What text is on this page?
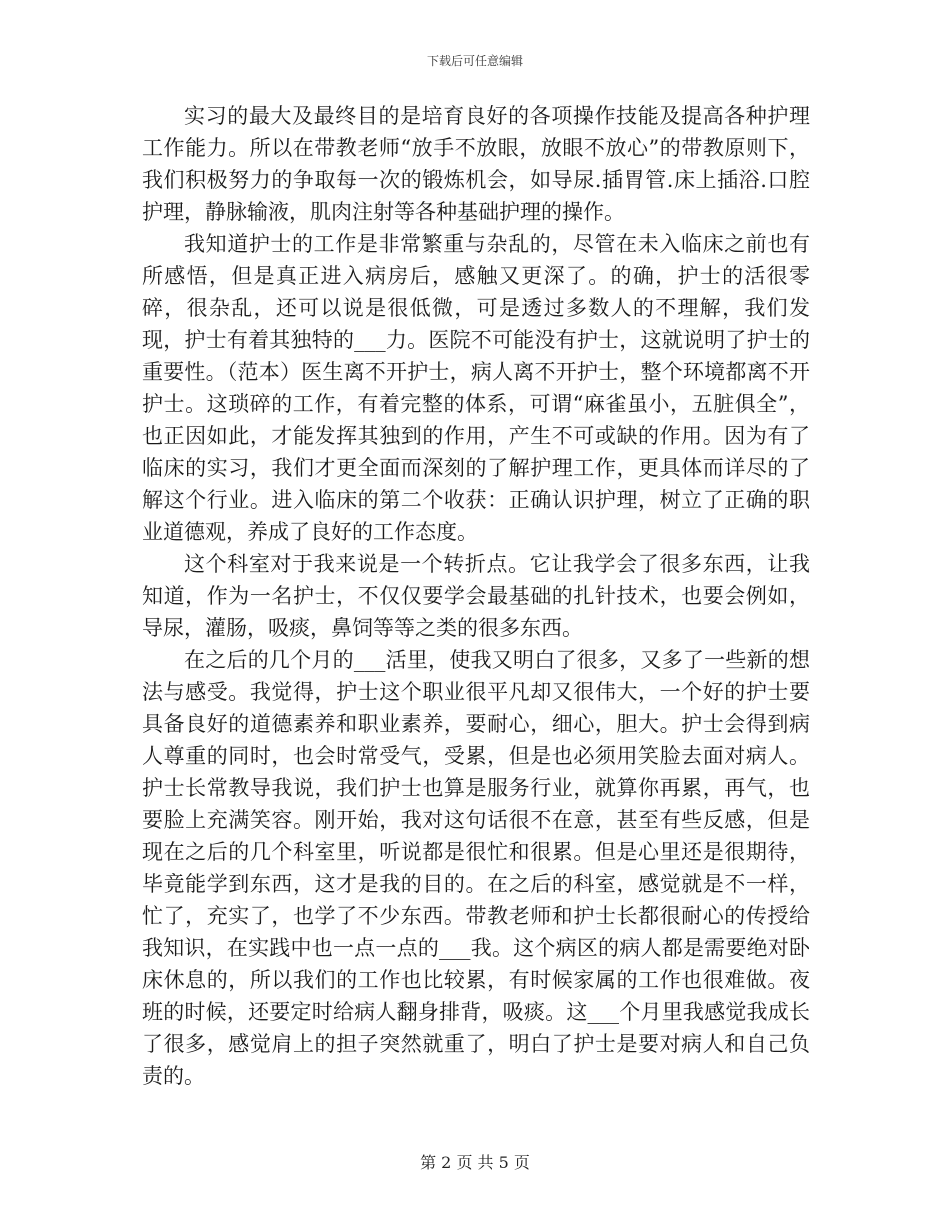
下载后可任意编辑

实习的最大及最终目的是培育良好的各项操作技能及提高各种护理工作能力。所以在带教老师“放手不放眼，放眼不放心”的带教原则下，我们积极努力的争取每一次的锻炼机会，如导尿.插胃管.床上插浴.口腔护理，静脉输液，肌肉注射等各种基础护理的操作。

我知道护士的工作是非常繁重与杂乱的，尽管在未入临床之前也有所感悟，但是真正进入病房后，感触又更深了。的确，护士的活很零碎，很杂乱，还可以说是很低微，可是透过多数人的不理解，我们发现，护士有着其独特的___力。医院不可能没有护士，这就说明了护士的重要性。（范本）医生离不开护士，病人离不开护士，整个环境都离不开护士。这琐碎的工作，有着完整的体系，可谓“麻雀虽小，五脏俱全”，也正因如此，才能发挥其独到的作用，产生不可或缺的作用。因为有了临床的实习，我们才更全面而深刻的了解护理工作，更具体而详尽的了解这个行业。进入临床的第二个收获：正确认识护理，树立了正确的职业道德观，养成了良好的工作态度。

这个科室对于我来说是一个转折点。它让我学会了很多东西，让我知道，作为一名护士，不仅仅要学会最基础的扎针技术，也要会例如，导尿，灌肠，吸痰，鼻饲等等之类的很多东西。

在之后的几个月的___活里，使我又明白了很多，又多了一些新的想法与感受。我觉得，护士这个职业很平凡却又很伟大，一个好的护士要具备良好的道德素养和职业素养，要耐心，细心，胆大。护士会得到病人尊重的同时，也会时常受气，受累，但是也必须用笑脸去面对病人。护士长常教导我说，我们护士也算是服务行业，就算你再累，再气，也要脸上充满笑容。刚开始，我对这句话很不在意，甚至有些反感，但是现在之后的几个科室里，听说都是很忙和很累。但是心里还是很期待，毕竟能学到东西，这才是我的目的。在之后的科室，感觉就是不一样，忙了，充实了，也学了不少东西。带教老师和护士长都很耐心的传授给我知识，在实践中也一点一点的___我。这个病区的病人都是需要绝对卧床休息的，所以我们的工作也比较累，有时候家属的工作也很难做。夜班的时候，还要定时给病人翻身排背，吸痰。这___个月里我感觉我成长了很多，感觉肩上的担子突然就重了，明白了护士是要对病人和自己负责的。

第 2 页 共 5 页
